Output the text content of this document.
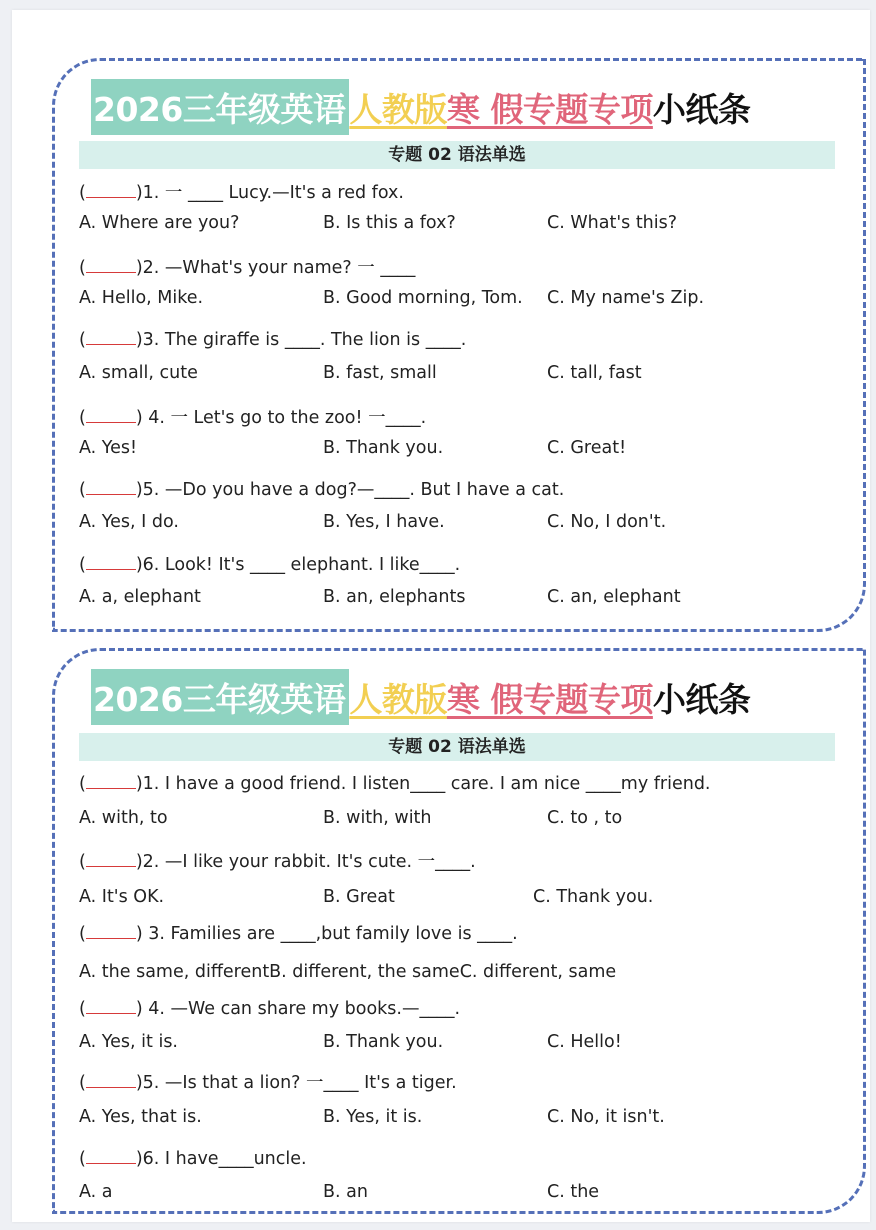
2026三年级英语 人教版 寒 假专题专项 小纸条
专题 02 语法单选
(	)1. 一 ____ Lucy.—It's a red fox.
A. Where are you?	B. Is this a fox?	C. What's this?
(	)2. —What's your name? 一 ____
A. Hello, Mike.	B. Good morning, Tom. C. My name's Zip.
(	)3. The giraffe is ____. The lion is ____.
A. small, cute	B. fast, small	C. tall, fast
(	) 4. 一 Let's go to the zoo! 一____.
A. Yes!	B. Thank you.	C. Great!
(	)5. —Do you have a dog?—____. But I have a cat.
A. Yes, I do.	B. Yes, I have.	C. No, I don't.
(	)6. Look! It's ____ elephant. I like____.
A. a, elephant	B. an, elephants	C. an, elephant
2026三年级英语 人教版 寒 假专题专项 小纸条
专题 02 语法单选
(	)1. I have a good friend. I listen____ care. I am nice ____my friend.
A. with, to	B. with, with	C. to , to
(	)2. —I like your rabbit. It's cute. 一____.
A. It's OK.	B. Great	C. Thank you.
(	) 3. Families are ____,but family love is ____.
A. the same, differentB. different, the sameC. different, same
(	) 4. —We can share my books.—____.
A. Yes, it is.	B. Thank you.	C. Hello!
(	)5. —Is that a lion? 一____ It's a tiger.
A. Yes, that is.	B. Yes, it is.	C. No, it isn't.
(	)6. I have____uncle.
A. a	B. an	C. the
